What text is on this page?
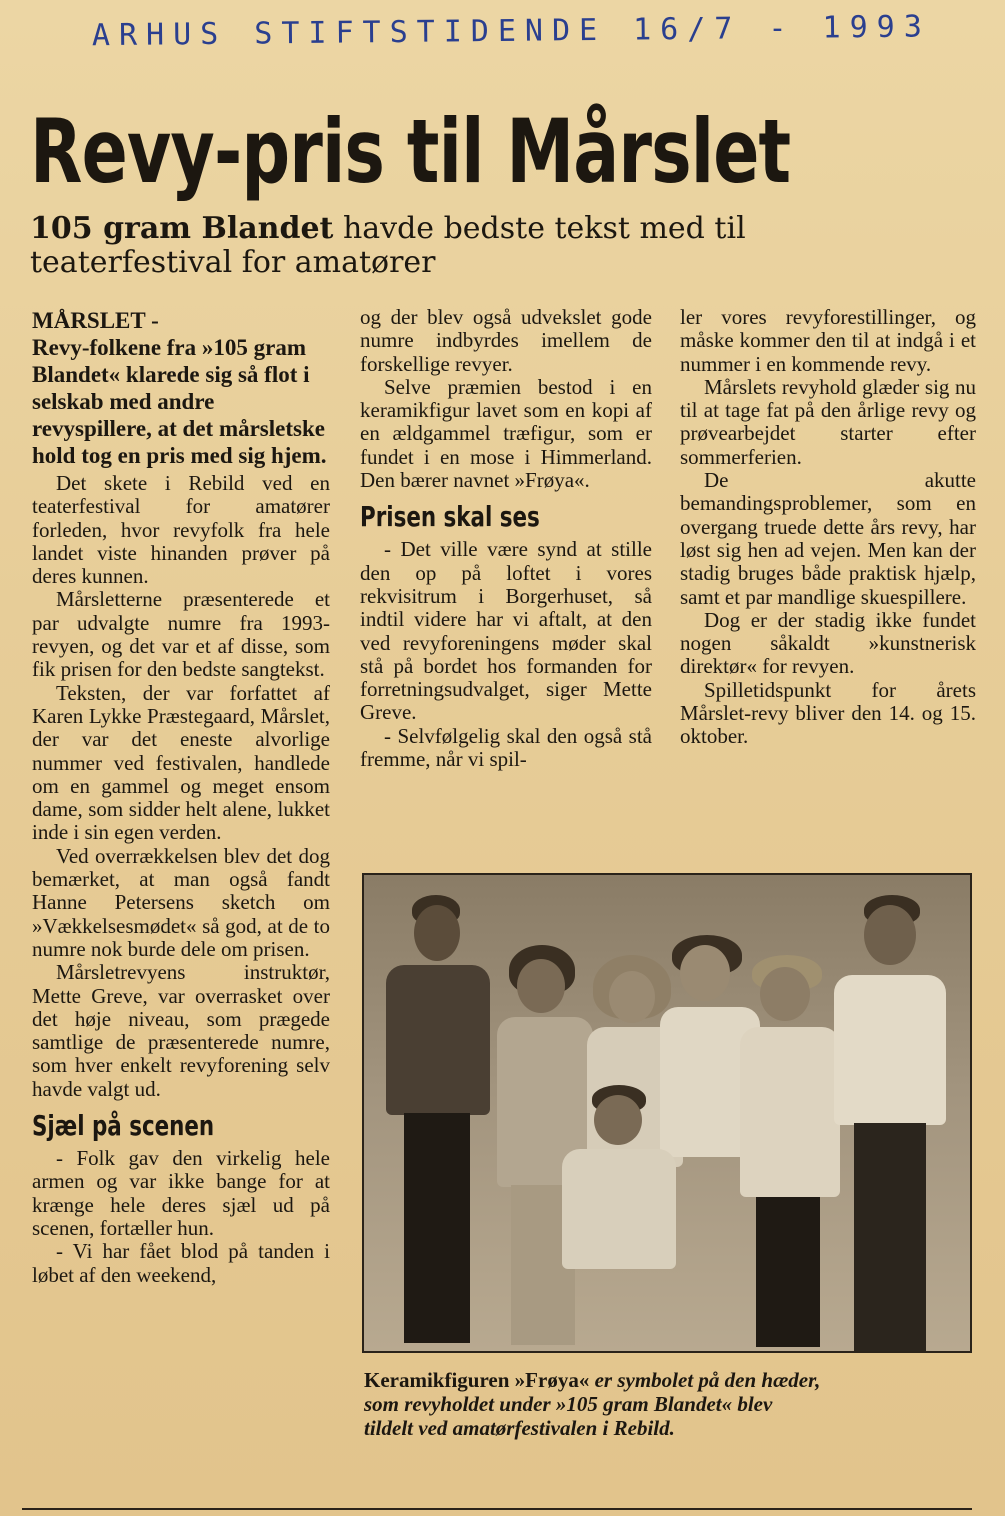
ARHUS STIFTSTIDENDE 16/7 - 1993
Revy-pris til Mårslet
105 gram Blandet havde bedste tekst med til teaterfestival for amatører

MÅRSLET -

Revy-folkene fra »105 gram Blandet« klarede sig så flot i selskab med andre revyspillere, at det mårsletske hold tog en pris med sig hjem.

Det skete i Rebild ved en teaterfestival for amatører forleden, hvor revyfolk fra hele landet viste hinanden prøver på deres kunnen.

Mårsletterne præsenterede et par udvalgte numre fra 1993-revyen, og det var et af disse, som fik prisen for den bedste sangtekst.

Teksten, der var forfattet af Karen Lykke Præstegaard, Mårslet, der var det eneste alvorlige nummer ved festivalen, handlede om en gammel og meget ensom dame, som sidder helt alene, lukket inde i sin egen verden.

Ved overrækkelsen blev det dog bemærket, at man også fandt Hanne Petersens sketch om »Vækkelsesmødet« så god, at de to numre nok burde dele om prisen.

Mårsletrevyens instruktør, Mette Greve, var overrasket over det høje niveau, som prægede samtlige de præsenterede numre, som hver enkelt revyforening selv havde valgt ud.

Sjæl på scenen

- Folk gav den virkelig hele armen og var ikke bange for at krænge hele deres sjæl ud på scenen, fortæller hun.

- Vi har fået blod på tanden i løbet af den weekend,

og der blev også udvekslet gode numre indbyrdes imellem de forskellige revyer.

Selve præmien bestod i en keramikfigur lavet som en kopi af en ældgammel træfigur, som er fundet i en mose i Himmerland. Den bærer navnet »Frøya«.

Prisen skal ses

- Det ville være synd at stille den op på loftet i vores rekvisitrum i Borgerhuset, så indtil videre har vi aftalt, at den ved revyforeningens møder skal stå på bordet hos formanden for forretningsudvalget, siger Mette Greve.

- Selvfølgelig skal den også stå fremme, når vi spil-

ler vores revyforestillinger, og måske kommer den til at indgå i et nummer i en kommende revy.

Mårslets revyhold glæder sig nu til at tage fat på den årlige revy og prøvearbejdet starter efter sommerferien.

De akutte bemandingsproblemer, som en overgang truede dette års revy, har løst sig hen ad vejen. Men kan der stadig bruges både praktisk hjælp, samt et par mandlige skuespillere.

Dog er der stadig ikke fundet nogen såkaldt »kunstnerisk direktør« for revyen.

Spilletidspunkt for årets Mårslet-revy bliver den 14. og 15. oktober.

Keramikfiguren »Frøya« er symbolet på den hæder, som revyholdet under »105 gram Blandet« blev tildelt ved amatørfestivalen i Rebild.
